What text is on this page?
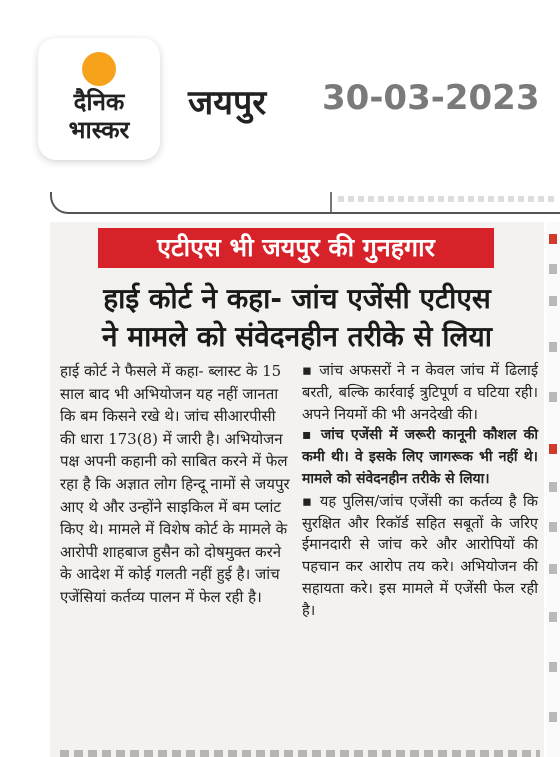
दैनिक
भास्कर
जयपुर 30-03-2023
एटीएस भी जयपुर की गुनहगार
हाई कोर्ट ने कहा- जांच एजेंसी एटीएस
ने मामले को संवेदनहीन तरीके से लिया

हाई कोर्ट ने फैसले में कहा- ब्लास्ट के 15 साल बाद भी अभियोजन यह नहीं जानता कि बम किसने रखे थे। जांच सीआरपीसी की धारा 173(8) में जारी है। अभियोजन पक्ष अपनी कहानी को साबित करने में फेल रहा है कि अज्ञात लोग हिन्दू नामों से जयपुर आए थे और उन्होंने साइकिल में बम प्लांट किए थे। मामले में विशेष कोर्ट के मामले के आरोपी शाहबाज हुसैन को दोषमुक्त करने के आदेश में कोई गलती नहीं हुई है। जांच एजेंसियां कर्तव्य पालन में फेल रही है।

▪ जांच अफसरों ने न केवल जांच में ढिलाई बरती, बल्कि कार्रवाई त्रुटिपूर्ण व घटिया रही। अपने नियमों की भी अनदेखी की।

▪ जांच एजेंसी में जरूरी कानूनी कौशल की कमी थी। वे इसके लिए जागरूक भी नहीं थे। मामले को संवेदनहीन तरीके से लिया।

▪ यह पुलिस/जांच एजेंसी का कर्तव्य है कि सुरक्षित और रिकॉर्ड सहित सबूतों के जरिए ईमानदारी से जांच करे और आरोपियों की पहचान कर आरोप तय करे। अभियोजन की सहायता करे। इस मामले में एजेंसी फेल रही है।
